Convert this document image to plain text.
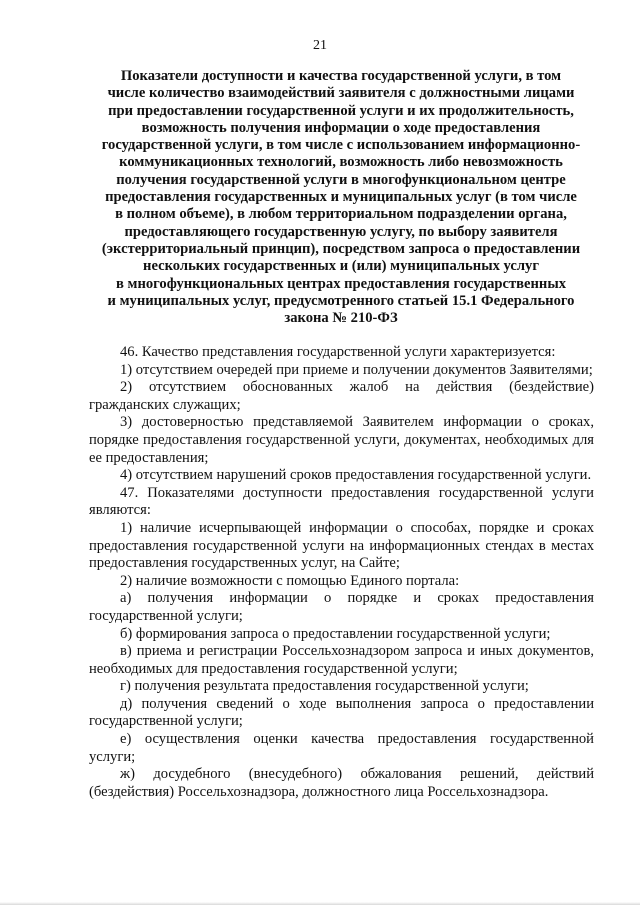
21
Показатели доступности и качества государственной услуги, в том
числе количество взаимодействий заявителя с должностными лицами
при предоставлении государственной услуги и их продолжительность,
возможность получения информации о ходе предоставления
государственной услуги, в том числе с использованием информационно-
коммуникационных технологий, возможность либо невозможность
получения государственной услуги в многофункциональном центре
предоставления государственных и муниципальных услуг (в том числе
в полном объеме), в любом территориальном подразделении органа,
предоставляющего государственную услугу, по выбору заявителя
(экстерриториальный принцип), посредством запроса о предоставлении
нескольких государственных и (или) муниципальных услуг
в многофункциональных центрах предоставления государственных
и муниципальных услуг, предусмотренного статьей 15.1 Федерального
закона № 210-ФЗ

46. Качество представления государственной услуги характеризуется:

1) отсутствием очередей при приеме и получении документов Заявителями;

2) отсутствием обоснованных жалоб на действия (бездействие) гражданских служащих;

3) достоверностью представляемой Заявителем информации о сроках, порядке предоставления государственной услуги, документах, необходимых для ее предоставления;

4) отсутствием нарушений сроков предоставления государственной услуги.

47. Показателями доступности предоставления государственной услуги являются:

1) наличие исчерпывающей информации о способах, порядке и сроках предоставления государственной услуги на информационных стендах в местах предоставления государственных услуг, на Сайте;

2) наличие возможности с помощью Единого портала:

а) получения информации о порядке и сроках предоставления государственной услуги;

б) формирования запроса о предоставлении государственной услуги;

в) приема и регистрации Россельхознадзором запроса и иных документов, необходимых для предоставления государственной услуги;

г) получения результата предоставления государственной услуги;

д) получения сведений о ходе выполнения запроса о предоставлении государственной услуги;

е) осуществления оценки качества предоставления государственной услуги;

ж) досудебного (внесудебного) обжалования решений, действий (бездействия) Россельхознадзора, должностного лица Россельхознадзора.
